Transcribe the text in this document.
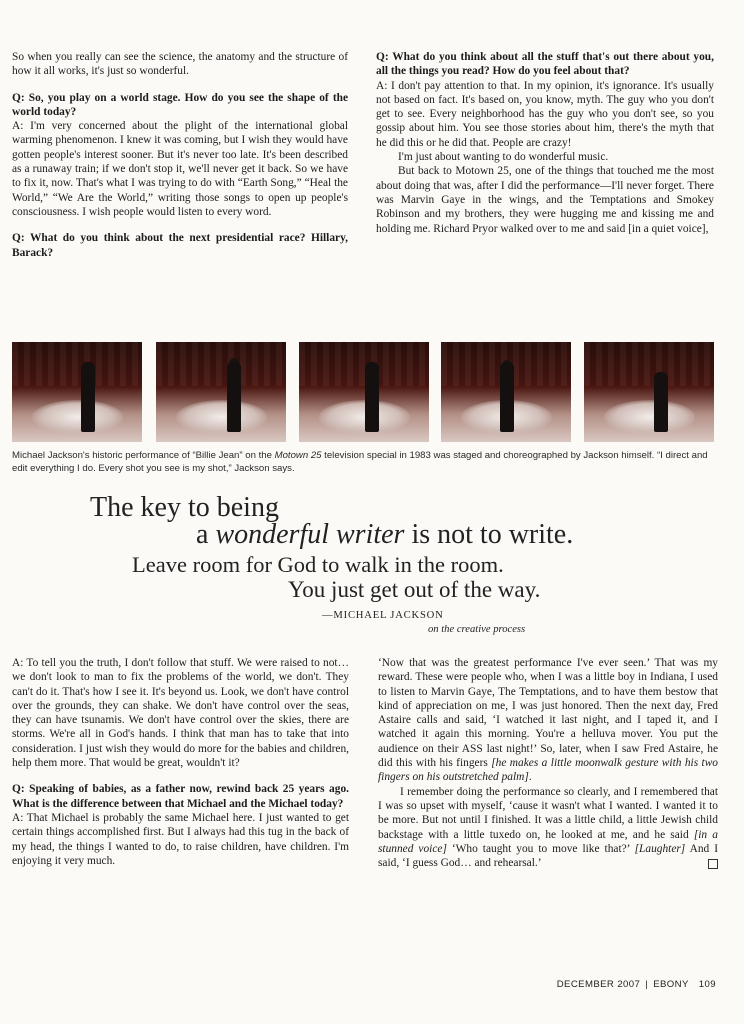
So when you really can see the science, the anatomy and the structure of how it all works, it's just so wonderful.

Q: So, you play on a world stage. How do you see the shape of the world today?

A: I'm very concerned about the plight of the international global warming phenomenon. I knew it was coming, but I wish they would have gotten people's interest sooner. But it's never too late. It's been described as a runaway train; if we don't stop it, we'll never get it back. So we have to fix it, now. That's what I was trying to do with “Earth Song,” “Heal the World,” “We Are the World,” writing those songs to open up people's consciousness. I wish people would listen to every word.

Q: What do you think about the next presidential race? Hillary, Barack?

Q: What do you think about all the stuff that's out there about you, all the things you read? How do you feel about that?

A: I don't pay attention to that. In my opinion, it's ignorance. It's usually not based on fact. It's based on, you know, myth. The guy who you don't get to see. Every neighborhood has the guy who you don't see, so you gossip about him. You see those stories about him, there's the myth that he did this or he did that. People are crazy!

I'm just about wanting to do wonderful music.

But back to Motown 25, one of the things that touched me the most about doing that was, after I did the performance—I'll never forget. There was Marvin Gaye in the wings, and the Temptations and Smokey Robinson and my brothers, they were hugging me and kissing me and holding me. Richard Pryor walked over to me and said [in a quiet voice],

Michael Jackson's historic performance of “Billie Jean” on the Motown 25 television special in 1983 was staged and choreographed by Jackson himself. “I direct and edit everything I do. Every shot you see is my shot,” Jackson says.
The key to being
a wonderful writer is not to write.
Leave room for God to walk in the room.
You just get out of the way.
—MICHAEL JACKSON
on the creative process

A: To tell you the truth, I don't follow that stuff. We were raised to not…we don't look to man to fix the problems of the world, we don't. They can't do it. That's how I see it. It's beyond us. Look, we don't have control over the grounds, they can shake. We don't have control over the seas, they can have tsunamis. We don't have control over the skies, there are storms. We're all in God's hands. I think that man has to take that into consideration. I just wish they would do more for the babies and children, help them more. That would be great, wouldn't it?

Q: Speaking of babies, as a father now, rewind back 25 years ago. What is the difference between that Michael and the Michael today?

A: That Michael is probably the same Michael here. I just wanted to get certain things accomplished first. But I always had this tug in the back of my head, the things I wanted to do, to raise children, have children. I'm enjoying it very much.

‘Now that was the greatest performance I've ever seen.’ That was my reward. These were people who, when I was a little boy in Indiana, I used to listen to Marvin Gaye, The Temptations, and to have them bestow that kind of appreciation on me, I was just honored. Then the next day, Fred Astaire calls and said, ‘I watched it last night, and I taped it, and I watched it again this morning. You're a helluva mover. You put the audience on their ASS last night!’ So, later, when I saw Fred Astaire, he did this with his fingers [he makes a little moonwalk gesture with his two fingers on his outstretched palm].

I remember doing the performance so clearly, and I remembered that I was so upset with myself, ‘cause it wasn't what I wanted. I wanted it to be more. But not until I finished. It was a little child, a little Jewish child backstage with a little tuxedo on, he looked at me, and he said [in a stunned voice] ‘Who taught you to move like that?’ [Laughter] And I said, ‘I guess God… and rehearsal.’

DECEMBER 2007 | EBONY 109
